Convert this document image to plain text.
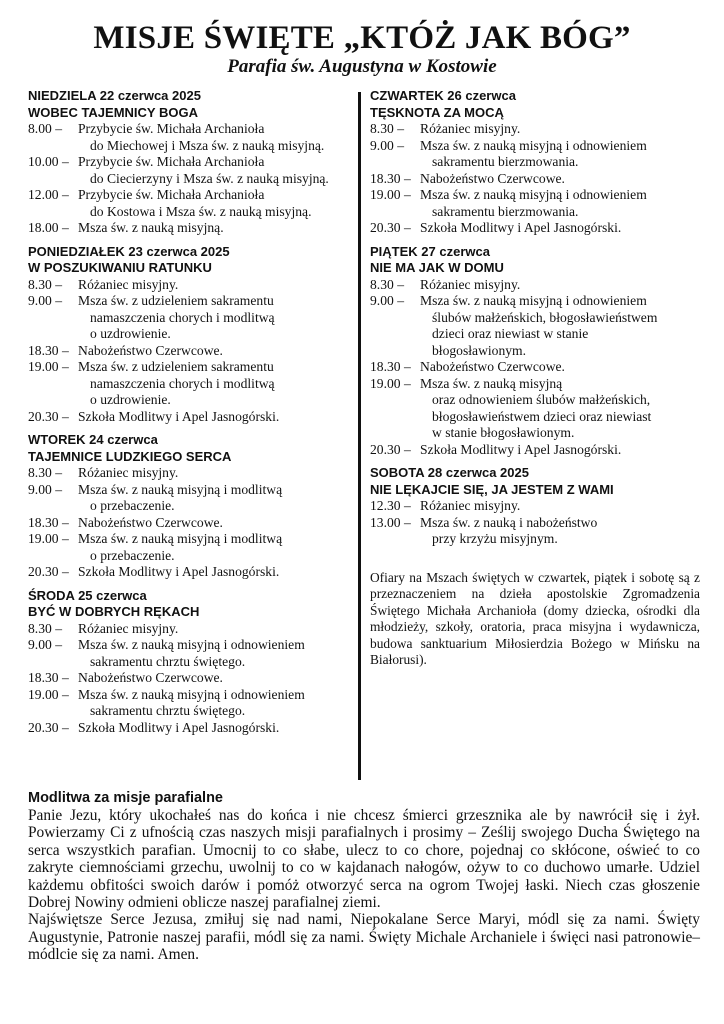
MISJE ŚWIĘTE „KTÓŻ JAK BÓG”
Parafia św. Augustyna w Kostowie
NIEDZIELA 22 czerwca 2025
WOBEC TAJEMNICY BOGA
8.00 –	Przybycie św. Michała Archanioła
do Miechowej i Msza św. z nauką misyjną.
10.00 – Przybycie św. Michała Archanioła
do Ciecierzyny i Msza św. z nauką misyjną.
12.00 – Przybycie św. Michała Archanioła
do Kostowa i Msza św. z nauką misyjną.
18.00 – Msza św. z nauką misyjną.
PONIEDZIAŁEK 23 czerwca 2025
W POSZUKIWANIU RATUNKU
8.30 –	Różaniec misyjny.
9.00 –	Msza św. z udzieleniem sakramentu
namaszczenia chorych i modlitwą
o uzdrowienie.
18.30 – Nabożeństwo Czerwcowe.
19.00 – Msza św. z udzieleniem sakramentu
namaszczenia chorych i modlitwą
o uzdrowienie.
20.30 – Szkoła Modlitwy i Apel Jasnogórski.
WTOREK 24 czerwca
TAJEMNICE LUDZKIEGO SERCA
8.30 –	Różaniec misyjny.
9.00 –	Msza św. z nauką misyjną i modlitwą
o przebaczenie.
18.30 – Nabożeństwo Czerwcowe.
19.00 – Msza św. z nauką misyjną i modlitwą
o przebaczenie.
20.30 – Szkoła Modlitwy i Apel Jasnogórski.
ŚRODA 25 czerwca
BYĆ W DOBRYCH RĘKACH
8.30 –	Różaniec misyjny.
9.00 –	Msza św. z nauką misyjną i odnowieniem
sakramentu chrztu świętego.
18.30 – Nabożeństwo Czerwcowe.
19.00 – Msza św. z nauką misyjną i odnowieniem
sakramentu chrztu świętego.
20.30 – Szkoła Modlitwy i Apel Jasnogórski.
CZWARTEK 26 czerwca
TĘSKNOTA ZA MOCĄ
8.30 –	Różaniec misyjny.
9.00 –	Msza św. z nauką misyjną i odnowieniem
sakramentu bierzmowania.
18.30 – Nabożeństwo Czerwcowe.
19.00 – Msza św. z nauką misyjną i odnowieniem
sakramentu bierzmowania.
20.30 – Szkoła Modlitwy i Apel Jasnogórski.
PIĄTEK 27 czerwca
NIE MA JAK W DOMU
8.30 –	Różaniec misyjny.
9.00 –	Msza św. z nauką misyjną i odnowieniem
ślubów małżeńskich, błogosławieństwem
dzieci oraz niewiast w stanie
błogosławionym.
18.30 – Nabożeństwo Czerwcowe.
19.00 – Msza św. z nauką misyjną
oraz odnowieniem ślubów małżeńskich,
błogosławieństwem dzieci oraz niewiast
w stanie błogosławionym.
20.30 – Szkoła Modlitwy i Apel Jasnogórski.
SOBOTA 28 czerwca 2025
NIE LĘKAJCIE SIĘ, JA JESTEM Z WAMI
12.30 – Różaniec misyjny.
13.00 – Msza św. z nauką i nabożeństwo
przy krzyżu misyjnym.
Ofiary na Mszach świętych w czwartek, piątek i sobotę są z przeznaczeniem na dzieła apostolskie Zgromadzenia Świętego Michała Archanioła (domy dziecka, ośrodki dla młodzieży, szkoły, oratoria, praca misyjna i wydawnicza, budowa sanktuarium Miłosierdzia Bożego w Mińsku na Białorusi).
Modlitwa za misje parafialne

Panie Jezu, który ukochałeś nas do końca i nie chcesz śmierci grzesznika ale by nawrócił się i żył. Powierzamy Ci z ufnością czas naszych misji parafialnych i prosimy – Ześlij swojego Ducha Świętego na serca wszystkich parafian. Umocnij to co słabe, ulecz to co chore, pojednaj co skłócone, oświeć to co zakryte ciemnościami grzechu, uwolnij to co w kajdanach nałogów, ożyw to co duchowo umarłe. Udziel każdemu obfitości swoich darów i pomóż otworzyć serca na ogrom Twojej łaski. Niech czas głoszenie Dobrej Nowiny odmieni oblicze naszej parafialnej ziemi.

Najświętsze Serce Jezusa, zmiłuj się nad nami, Niepokalane Serce Maryi, módl się za nami. Święty Augustynie, Patronie naszej parafii, módl się za nami. Święty Michale Archaniele i święci nasi patronowie– módlcie się za nami. Amen.
